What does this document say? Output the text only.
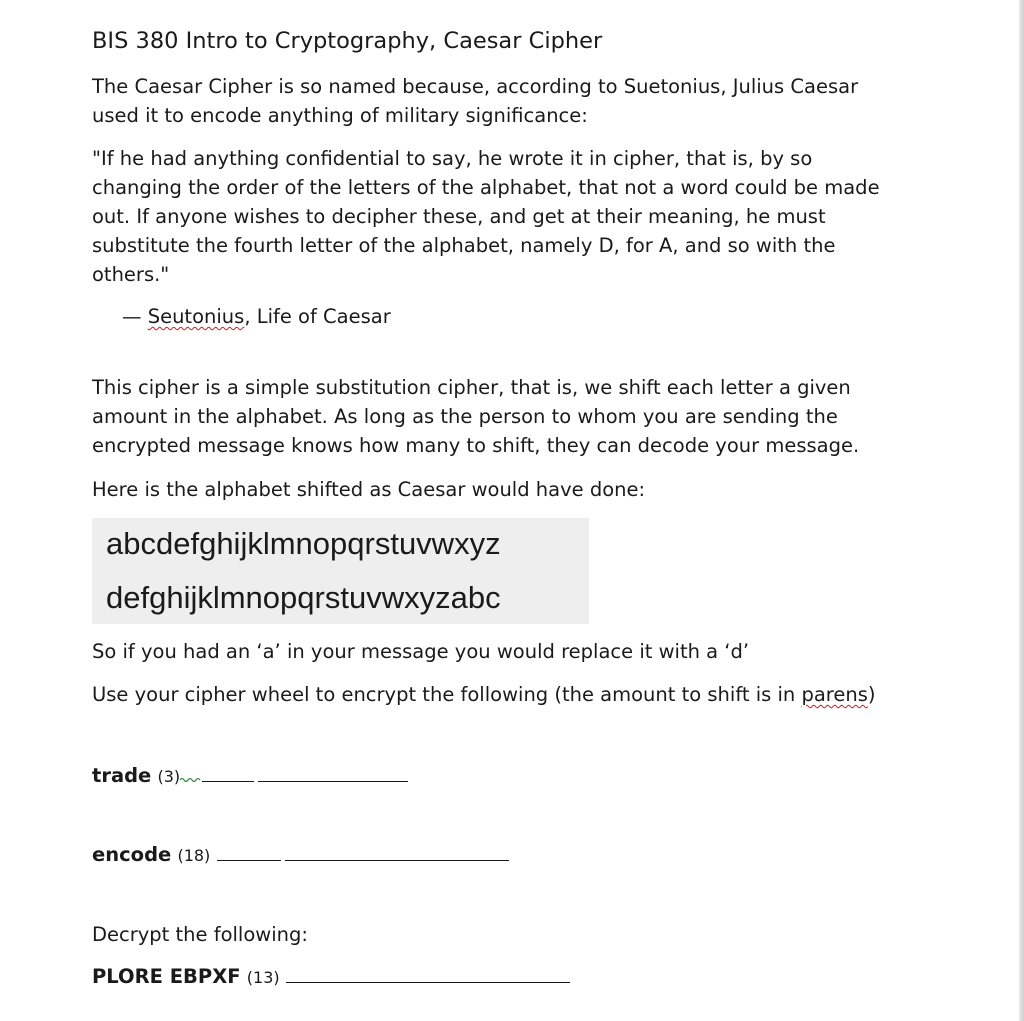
BIS 380 Intro to Cryptography, Caesar Cipher
The Caesar Cipher is so named because, according to Suetonius, Julius Caesar
used it to encode anything of military significance:
"If he had anything confidential to say, he wrote it in cipher, that is, by so
changing the order of the letters of the alphabet, that not a word could be made
out. If anyone wishes to decipher these, and get at their meaning, he must
substitute the fourth letter of the alphabet, namely D, for A, and so with the
others."
— Seutonius, Life of Caesar
This cipher is a simple substitution cipher, that is, we shift each letter a given
amount in the alphabet. As long as the person to whom you are sending the
encrypted message knows how many to shift, they can decode your message.
Here is the alphabet shifted as Caesar would have done:
abcdefghijklmnopqrstuvwxyz
defghijklmnopqrstuvwxyzabc
So if you had an ‘a’ in your message you would replace it with a ‘d’
Use your cipher wheel to encrypt the following (the amount to shift is in parens)
trade (3)
encode (18)
Decrypt the following:
PLORE EBPXF (13)
